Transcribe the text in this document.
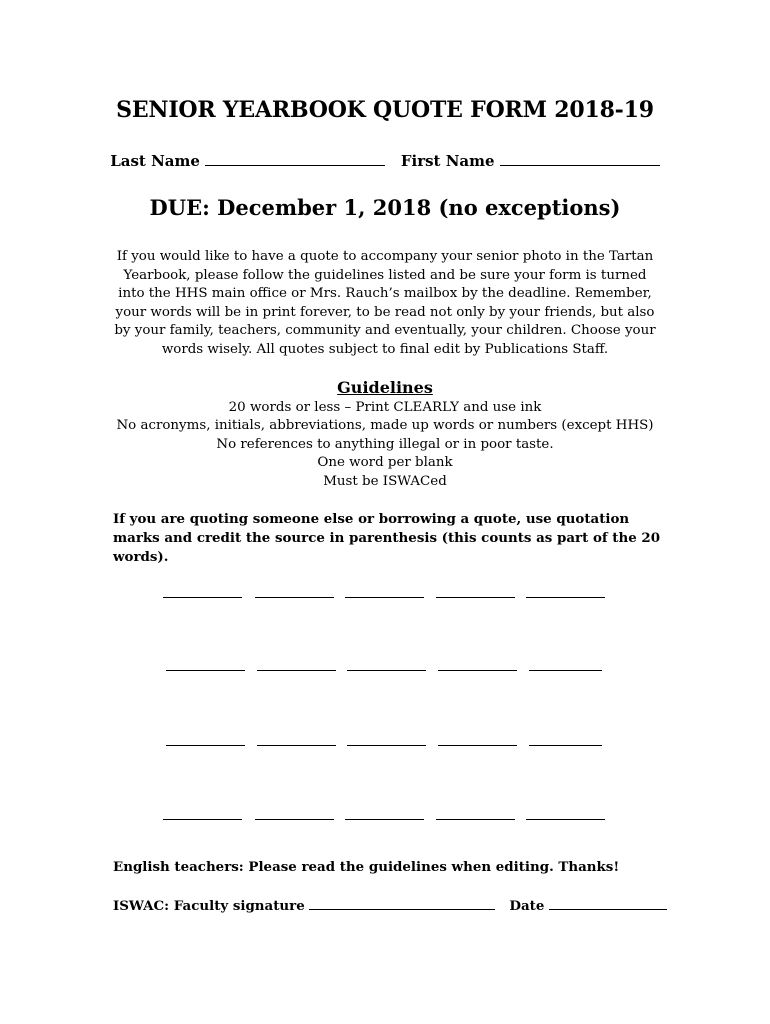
SENIOR YEARBOOK QUOTE FORM 2018-19
Last Name	First Name
DUE: December 1, 2018 (no exceptions)
If you would like to have a quote to accompany your senior photo in the Tartan Yearbook, please follow the guidelines listed and be sure your form is turned into the HHS main office or Mrs. Rauch’s mailbox by the deadline. Remember, your words will be in print forever, to be read not only by your friends, but also by your family, teachers, community and eventually, your children. Choose your words wisely. All quotes subject to final edit by Publications Staff.
Guidelines
20 words or less – Print CLEARLY and use ink
No acronyms, initials, abbreviations, made up words or numbers (except HHS)
No references to anything illegal or in poor taste.
One word per blank
Must be ISWACed
If you are quoting someone else or borrowing a quote, use quotation marks and credit the source in parenthesis (this counts as part of the 20 words).
English teachers: Please read the guidelines when editing. Thanks!
ISWAC: Faculty signature	Date
